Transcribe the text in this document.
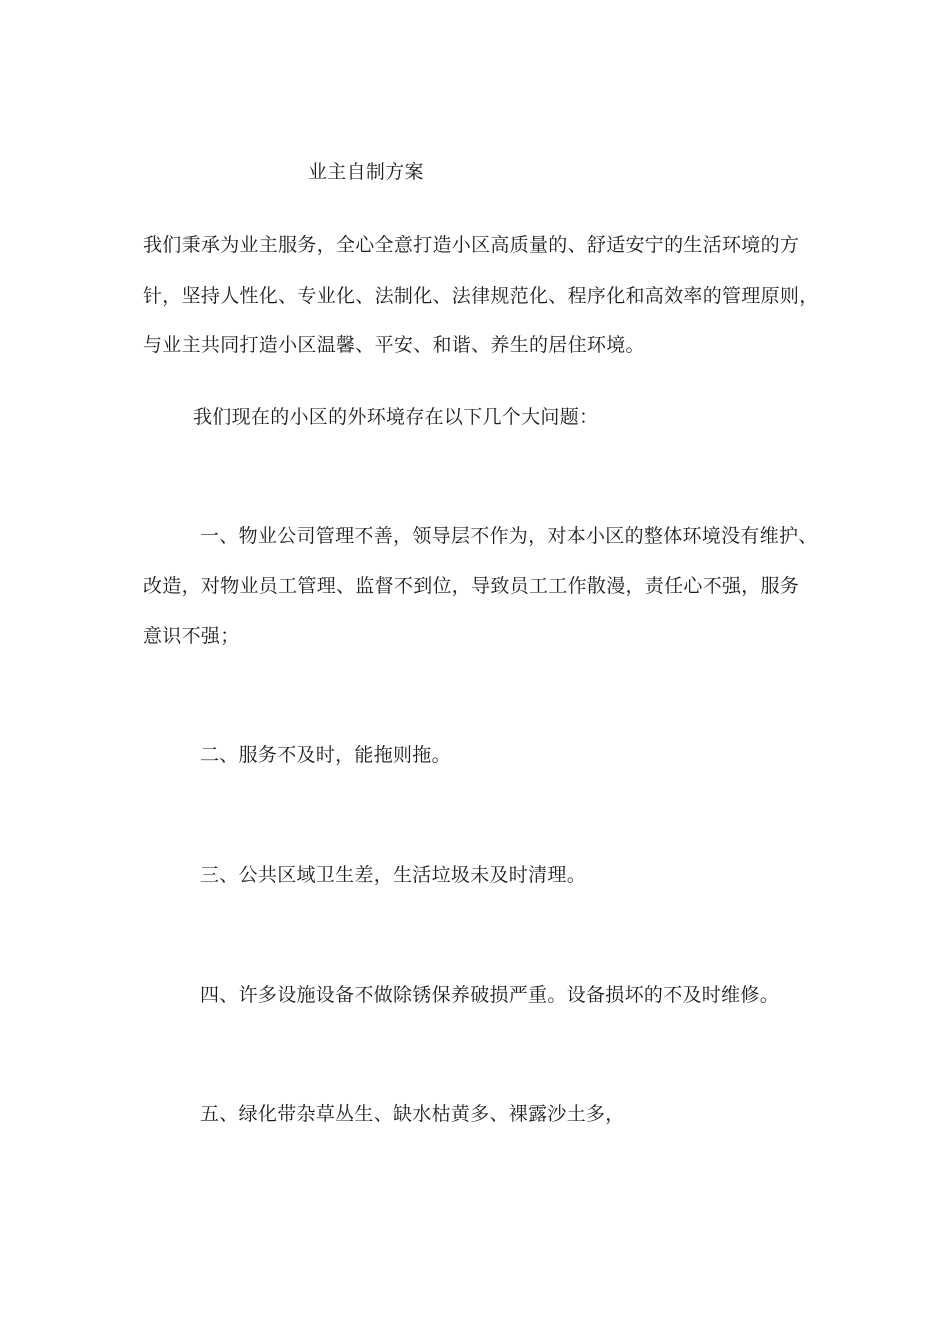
业主自制方案
我们秉承为业主服务，全心全意打造小区高质量的、舒适安宁的生活环境的方
针，坚持人性化、专业化、法制化、法律规范化、程序化和高效率的管理原则，
与业主共同打造小区温馨、平安、和谐、养生的居住环境。
我们现在的小区的外环境存在以下几个大问题：
一、物业公司管理不善，领导层不作为，对本小区的整体环境没有维护、
改造，对物业员工管理、监督不到位，导致员工工作散漫，责任心不强，服务
意识不强；
二、服务不及时，能拖则拖。
三、公共区域卫生差，生活垃圾未及时清理。
四、许多设施设备不做除锈保养破损严重。设备损坏的不及时维修。
五、绿化带杂草丛生、缺水枯黄多、裸露沙土多，
